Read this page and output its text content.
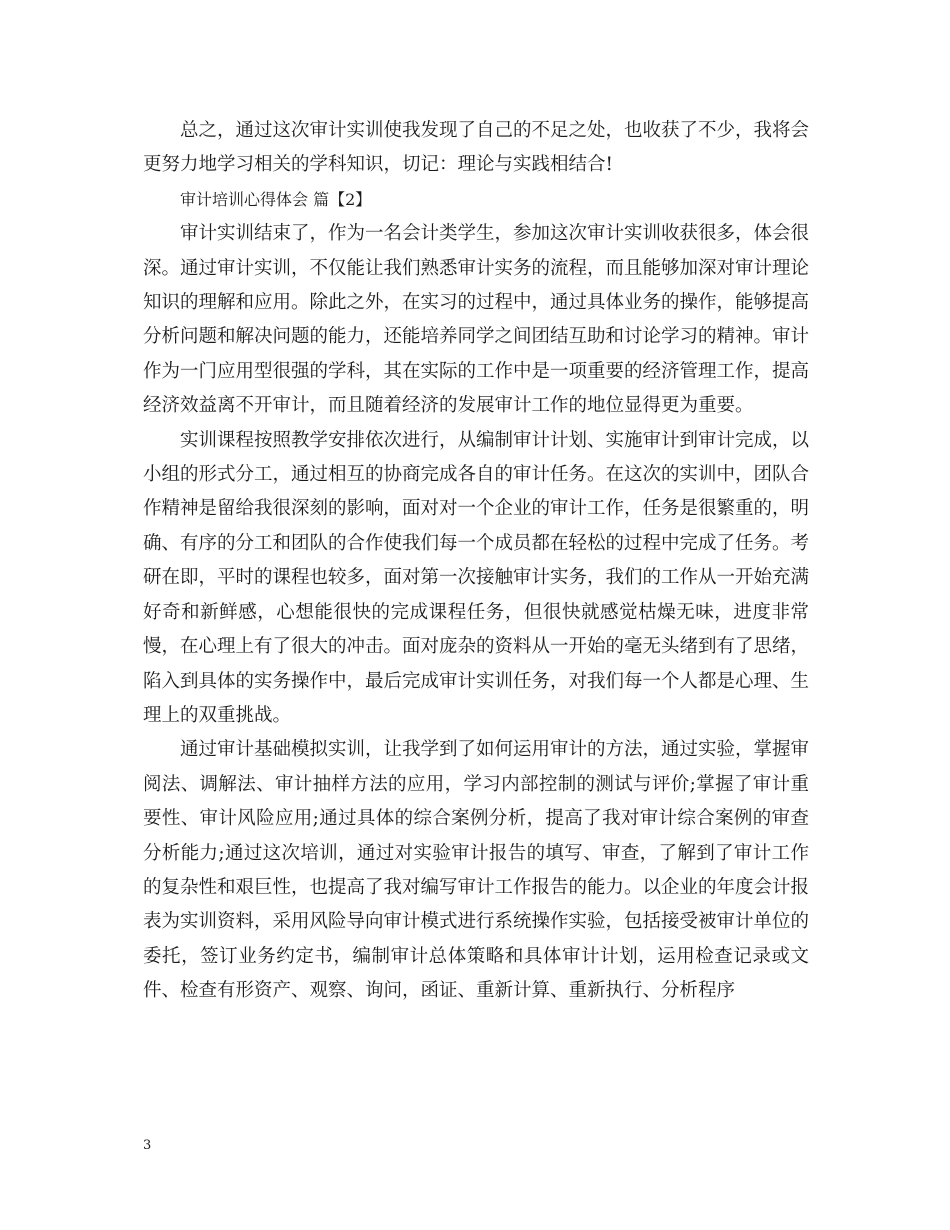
总之，通过这次审计实训使我发现了自己的不足之处，也收获了不少，我将会更努力地学习相关的学科知识，切记：理论与实践相结合!

审计培训心得体会 篇【2】

审计实训结束了，作为一名会计类学生，参加这次审计实训收获很多，体会很深。通过审计实训，不仅能让我们熟悉审计实务的流程，而且能够加深对审计理论知识的理解和应用。除此之外，在实习的过程中，通过具体业务的操作，能够提高分析问题和解决问题的能力，还能培养同学之间团结互助和讨论学习的精神。审计作为一门应用型很强的学科，其在实际的工作中是一项重要的经济管理工作，提高经济效益离不开审计，而且随着经济的发展审计工作的地位显得更为重要。

实训课程按照教学安排依次进行，从编制审计计划、实施审计到审计完成，以小组的形式分工，通过相互的协商完成各自的审计任务。在这次的实训中，团队合作精神是留给我很深刻的影响，面对对一个企业的审计工作，任务是很繁重的，明确、有序的分工和团队的合作使我们每一个成员都在轻松的过程中完成了任务。考研在即，平时的课程也较多，面对第一次接触审计实务，我们的工作从一开始充满好奇和新鲜感，心想能很快的完成课程任务，但很快就感觉枯燥无味，进度非常慢，在心理上有了很大的冲击。面对庞杂的资料从一开始的毫无头绪到有了思绪，陷入到具体的实务操作中，最后完成审计实训任务，对我们每一个人都是心理、生理上的双重挑战。

通过审计基础模拟实训，让我学到了如何运用审计的方法，通过实验，掌握审阅法、调解法、审计抽样方法的应用，学习内部控制的测试与评价;掌握了审计重要性、审计风险应用;通过具体的综合案例分析，提高了我对审计综合案例的审查分析能力;通过这次培训，通过对实验审计报告的填写、审查，了解到了审计工作的复杂性和艰巨性，也提高了我对编写审计工作报告的能力。以企业的年度会计报表为实训资料，采用风险导向审计模式进行系统操作实验，包括接受被审计单位的委托，签订业务约定书，编制审计总体策略和具体审计计划，运用检查记录或文件、检查有形资产、观察、询问，函证、重新计算、重新执行、分析程序

3
